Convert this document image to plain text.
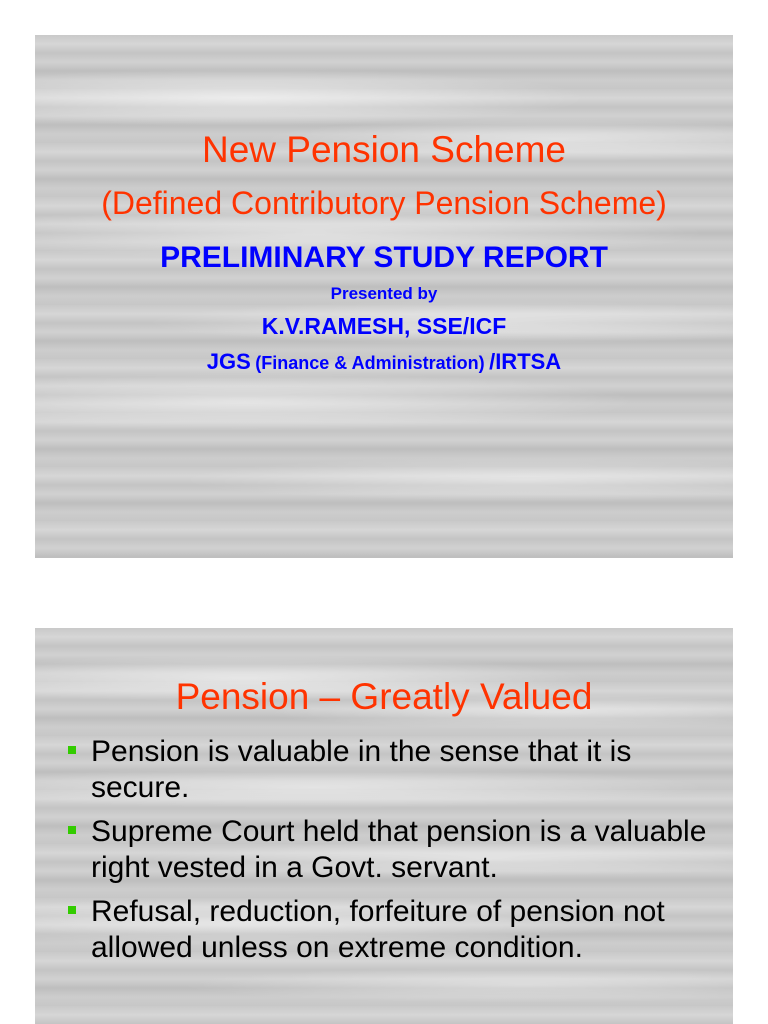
New Pension Scheme
(Defined Contributory Pension Scheme)
PRELIMINARY STUDY REPORT
Presented by
K.V.RAMESH, SSE/ICF
JGS (Finance & Administration) /IRTSA
Pension – Greatly Valued
Pension is valuable in the sense that it is secure.
Supreme Court held that pension is a valuable right vested in a Govt. servant.
Refusal, reduction, forfeiture of pension not allowed unless on extreme condition.
